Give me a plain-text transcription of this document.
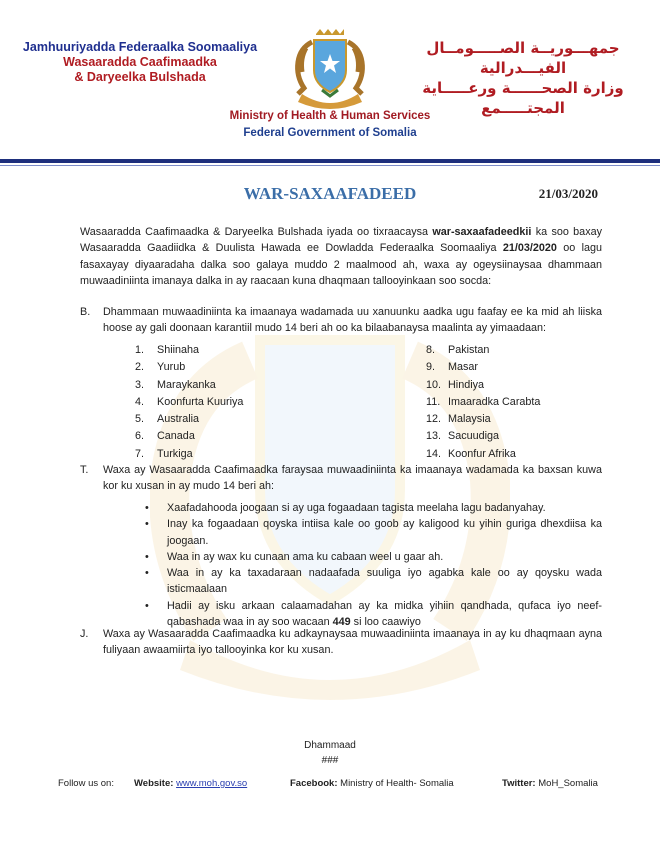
Jamhuuriyadda Federaalka Soomaaliya
Wasaaradda Caafimaadka
& Daryeelka Bulshada
جمهـــوريــة الصـــــومــال الفيـــدرالية
وزارة الصحــــــة ورعـــــاية
المجتـــــمع
Ministry of Health & Human Services
Federal Government of Somalia
WAR-SAXAAFADEED	21/03/2020

Wasaaradda Caafimaadka & Daryeelka Bulshada iyada oo tixraacaysa war-saxaafadeedkii ka soo baxay Wasaaradda Gaadiidka & Duulista Hawada ee Dowladda Federaalka Soomaaliya 21/03/2020 oo lagu fasaxayay diyaaradaha dalka soo galaya muddo 2 maalmood ah, waxa ay ogeysiinaysaa dhammaan muwaadiniinta imanaya dalka in ay raacaan kuna dhaqmaan tallooyinkaan soo socda:

B.	Dhammaan muwaadiniinta ka imaanaya wadamada uu xanuunku aadka ugu faafay ee ka mid ah liiska hoose ay gali doonaan karantiil mudo 14 beri ah oo ka bilaabanaysa maalinta ay yimaadaan:
1.	Shiinaha
2.	Yurub
3.	Maraykanka
4.	Koonfurta Kuuriya
5.	Australia
6.	Canada
7.	Turkiga
8.	Pakistan
9.	Masar
10. Hindiya
11. Imaaradka Carabta
12. Malaysia
13. Sacuudiga
14. Koonfur Afrika
T.	Waxa ay Wasaaradda Caafimaadka faraysaa muwaadiniinta ka imaanaya wadamada ka baxsan kuwa kor ku xusan in ay mudo 14 beri ah:
•	Xaafadahooda joogaan si ay uga fogaadaan tagista meelaha lagu badanyahay.
•	Inay ka fogaadaan qoyska intiisa kale oo goob ay kaligood ku yihin guriga dhexdiisa ka joogaan.
•	Waa in ay wax ku cunaan ama ku cabaan weel u gaar ah.
•	Waa in ay ka taxadaraan nadaafada suuliga iyo agabka kale oo ay qoysku wada isticmaalaan
•	Hadii ay isku arkaan calaamadahan ay ka midka yihiin qandhada, qufaca iyo neef-qabashada waa in ay soo wacaan 449 si loo caawiyo
J.	Waxa ay Wasaaradda Caafimaadka ku adkaynaysaa muwaadiniinta imaanaya in ay ku dhaqmaan ayna fuliyaan awaamiirta iyo tallooyinka kor ku xusan.
Dhammaad
###
Follow us on:	Website: www.moh.gov.so	Facebook: Ministry of Health- Somalia	Twitter: MoH_Somalia
